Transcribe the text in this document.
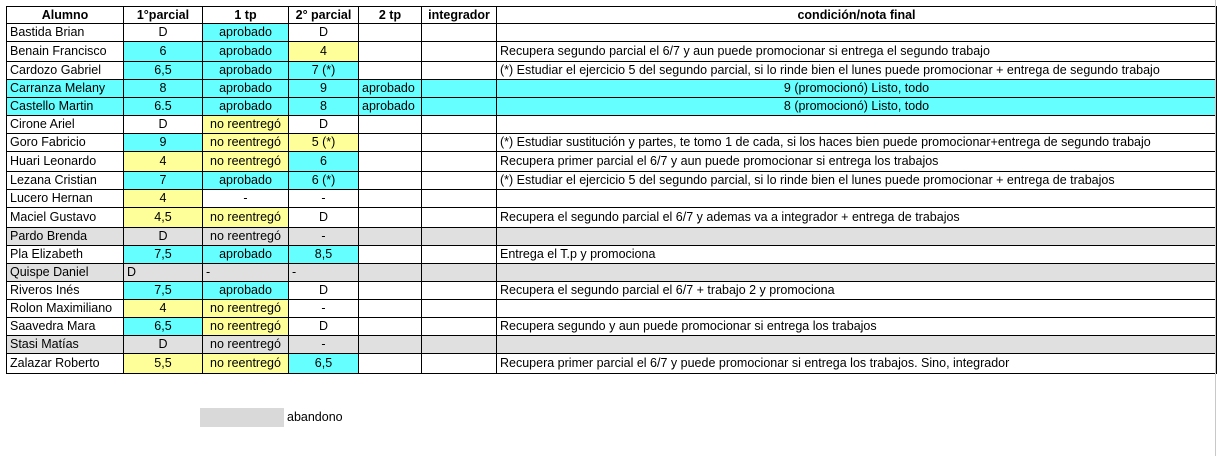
Alumno	1°parcial	1 tp	2° parcial	2 tp	integrador	condición/nota final
Bastida Brian	D	aprobado	D			
Benain Francisco	6	aprobado	4			Recupera segundo parcial el 6/7 y aun puede promocionar si entrega el segundo trabajo
Cardozo Gabriel	6,5	aprobado	7 (*)			(*) Estudiar el ejercicio 5 del segundo parcial, si lo rinde bien el lunes puede promocionar + entrega de segundo trabajo
Carranza Melany	8	aprobado	9	aprobado		9 (promocionó) Listo, todo
Castello Martin	6.5	aprobado	8	aprobado		8 (promocionó) Listo, todo
Cirone Ariel	D	no reentregó	D			
Goro Fabricio	9	no reentregó	5 (*)			(*) Estudiar sustitución y partes, te tomo 1 de cada, si los haces bien puede promocionar+entrega de segundo trabajo
Huari Leonardo	4	no reentregó	6			Recupera primer parcial el 6/7 y aun puede promocionar si entrega los trabajos
Lezana Cristian	7	aprobado	6 (*)			(*) Estudiar el ejercicio 5 del segundo parcial, si lo rinde bien el lunes puede promocionar + entrega de trabajos
Lucero Hernan	4	-	-			
Maciel Gustavo	4,5	no reentregó	D			Recupera el segundo parcial el 6/7 y ademas va a integrador + entrega de trabajos
Pardo Brenda	D	no reentregó	-			
Pla Elizabeth	7,5	aprobado	8,5			Entrega el T.p y promociona
Quispe Daniel	D	-	-			
Riveros Inés	7,5	aprobado	D			Recupera el segundo parcial el 6/7 + trabajo 2 y promociona
Rolon Maximiliano	4	no reentregó	-			
Saavedra Mara	6,5	no reentregó	D			Recupera segundo y aun puede promocionar si entrega los trabajos
Stasi Matías	D	no reentregó	-			
Zalazar Roberto	5,5	no reentregó	6,5			Recupera primer parcial el 6/7 y puede promocionar si entrega los trabajos. Sino, integrador
abandono
